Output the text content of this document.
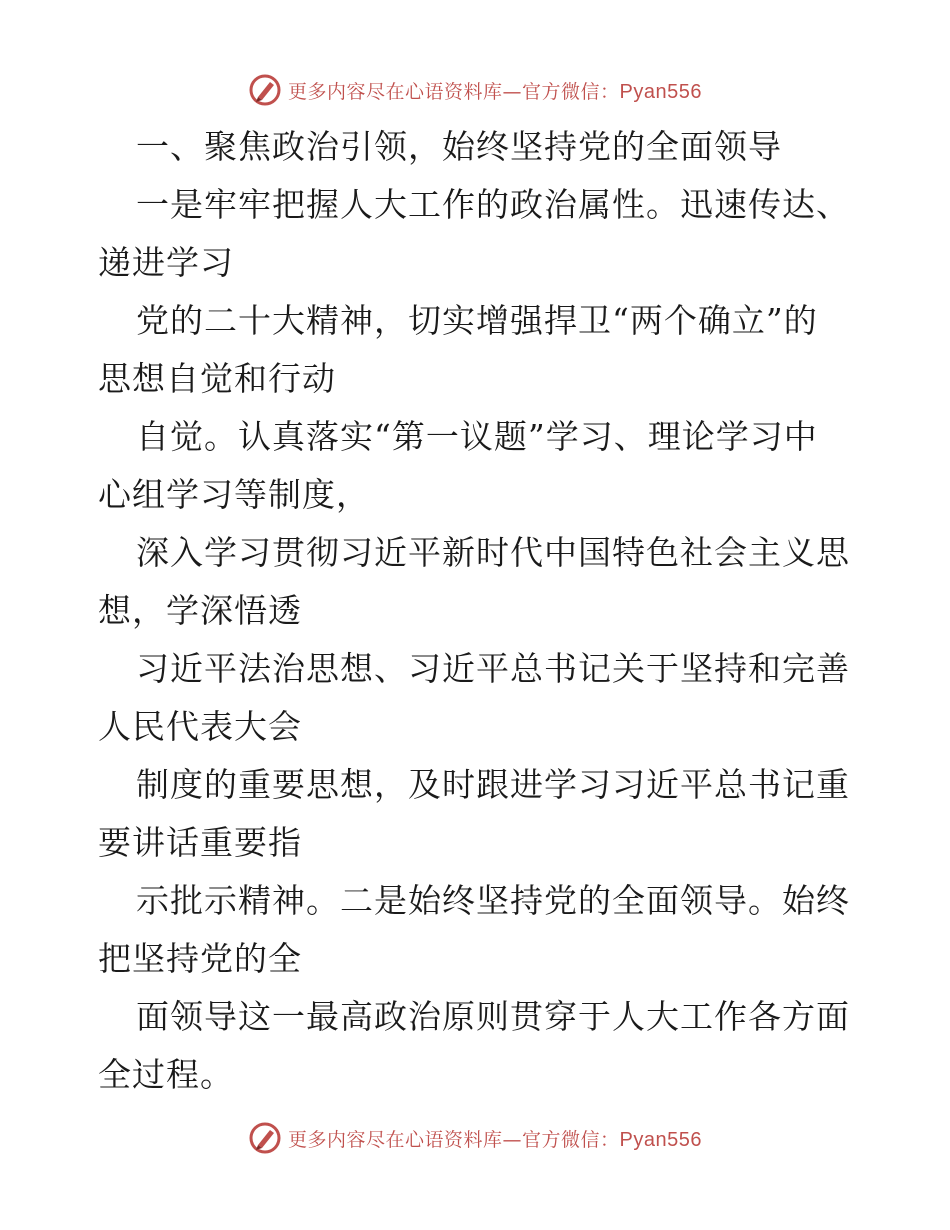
更多内容尽在心语资料库—官方微信：Pyan556
一、聚焦政治引领，始终坚持党的全面领导
一是牢牢把握人大工作的政治属性。迅速传达、
递进学习
党的二十大精神，切实增强捍卫“两个确立”的
思想自觉和行动
自觉。认真落实“第一议题”学习、理论学习中
心组学习等制度，
深入学习贯彻习近平新时代中国特色社会主义思
想，学深悟透
习近平法治思想、习近平总书记关于坚持和完善
人民代表大会
制度的重要思想，及时跟进学习习近平总书记重
要讲话重要指
示批示精神。二是始终坚持党的全面领导。始终
把坚持党的全
面领导这一最高政治原则贯穿于人大工作各方面
全过程。
更多内容尽在心语资料库—官方微信：Pyan556
